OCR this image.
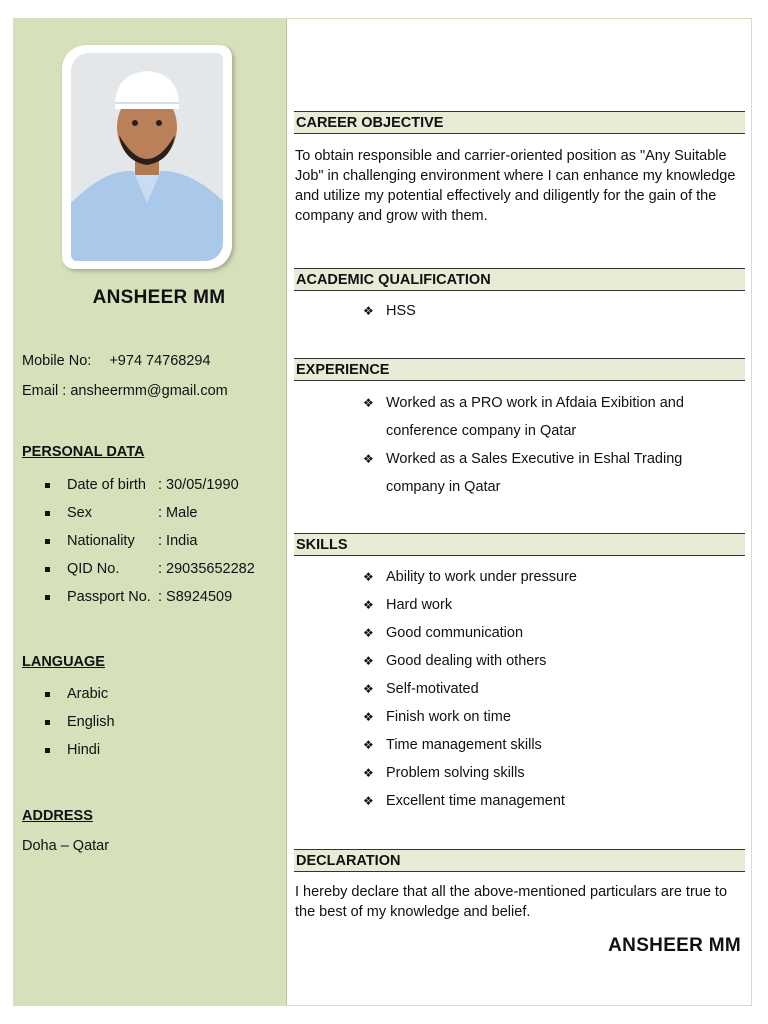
ANSHEER MM
Mobile No: +974 74768294
Email : ansheermm@gmail.com
PERSONAL DATA
Date of birth : 30/05/1990
Sex	: Male
Nationality : India
QID No.	: 29035652282
Passport No. : S8924509
LANGUAGE
Arabic
English
Hindi
ADDRESS
Doha – Qatar
CAREER OBJECTIVE
To obtain responsible and carrier-oriented position as "Any Suitable Job" in challenging environment where I can enhance my knowledge and utilize my potential effectively and diligently for the gain of the company and grow with them.
ACADEMIC QUALIFICATION
❖ HSS
EXPERIENCE
❖ Worked as a PRO work in Afdaia Exibition and conference company in Qatar
❖ Worked as a Sales Executive in Eshal Trading company in Qatar
SKILLS
❖ Ability to work under pressure
❖ Hard work
❖ Good communication
❖ Good dealing with others
❖ Self-motivated
❖ Finish work on time
❖ Time management skills
❖ Problem solving skills
❖ Excellent time management
DECLARATION
I hereby declare that all the above-mentioned particulars are true to the best of my knowledge and belief.
ANSHEER MM
